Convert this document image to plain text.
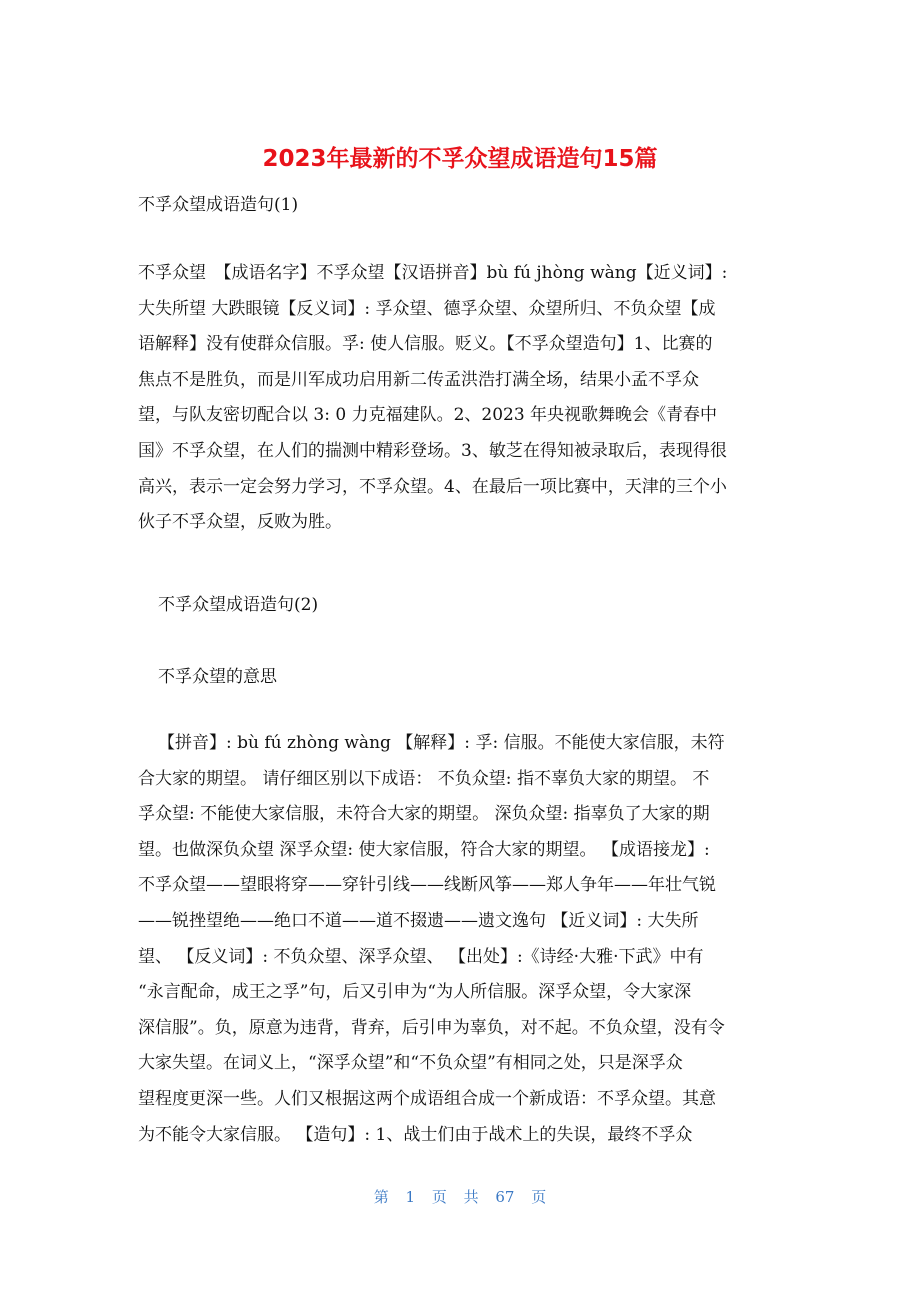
2023年最新的不孚众望成语造句15篇
不孚众望成语造句(1)
不孚众望　【成语名字】不孚众望【汉语拼音】bù fú jhòng wàng【近义词】:
大失所望 大跌眼镜【反义词】: 孚众望、德孚众望、众望所归、不负众望【成
语解释】没有使群众信服。孚: 使人信服。贬义。【不孚众望造句】1、比赛的
焦点不是胜负，而是川军成功启用新二传孟洪浩打满全场，结果小孟不孚众
望，与队友密切配合以 3: 0 力克福建队。2、2023 年央视歌舞晚会《青春中
国》不孚众望，在人们的揣测中精彩登场。3、敏芝在得知被录取后，表现得很
高兴，表示一定会努力学习，不孚众望。4、在最后一项比赛中，天津的三个小
伙子不孚众望，反败为胜。
不孚众望成语造句(2)
不孚众望的意思
【拼音】: bù fú zhòng wàng 【解释】: 孚: 信服。不能使大家信服，未符
合大家的期望。 请仔细区别以下成语： 不负众望: 指不辜负大家的期望。 不
孚众望: 不能使大家信服，未符合大家的期望。 深负众望: 指辜负了大家的期
望。也做深负众望 深孚众望: 使大家信服，符合大家的期望。 【成语接龙】:
不孚众望——望眼将穿——穿针引线——线断风筝——郑人争年——年壮气锐
——锐挫望绝——绝口不道——道不掇遗——遗文逸句 【近义词】: 大失所
望、 【反义词】: 不负众望、深孚众望、 【出处】:《诗经·大雅·下武》中有
“永言配命，成王之孚”句，后又引申为“为人所信服。深孚众望，令大家深
深信服”。负，原意为违背，背弃，后引申为辜负，对不起。不负众望，没有令
大家失望。在词义上，“深孚众望”和“不负众望”有相同之处，只是深孚众
望程度更深一些。人们又根据这两个成语组合成一个新成语：不孚众望。其意
为不能令大家信服。 【造句】: 1、战士们由于战术上的失误，最终不孚众
第 1 页 共 67 页
